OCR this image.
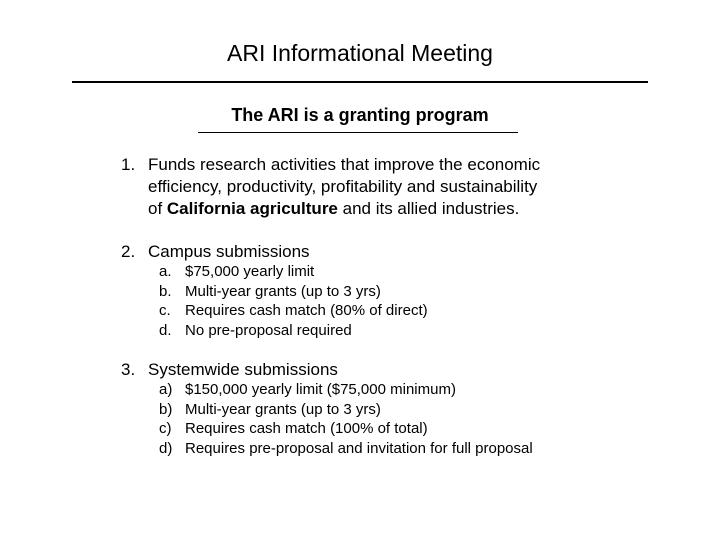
ARI Informational Meeting
The ARI is a granting program
1. Funds research activities that improve the economic
efficiency, productivity, profitability and sustainability
of California agriculture and its allied industries.
2. Campus submissions
a. $75,000 yearly limit
b. Multi-year grants (up to 3 yrs)
c. Requires cash match (80% of direct)
d. No pre-proposal required
3. Systemwide submissions
a) $150,000 yearly limit ($75,000 minimum)
b) Multi-year grants (up to 3 yrs)
c) Requires cash match (100% of total)
d) Requires pre-proposal and invitation for full proposal
